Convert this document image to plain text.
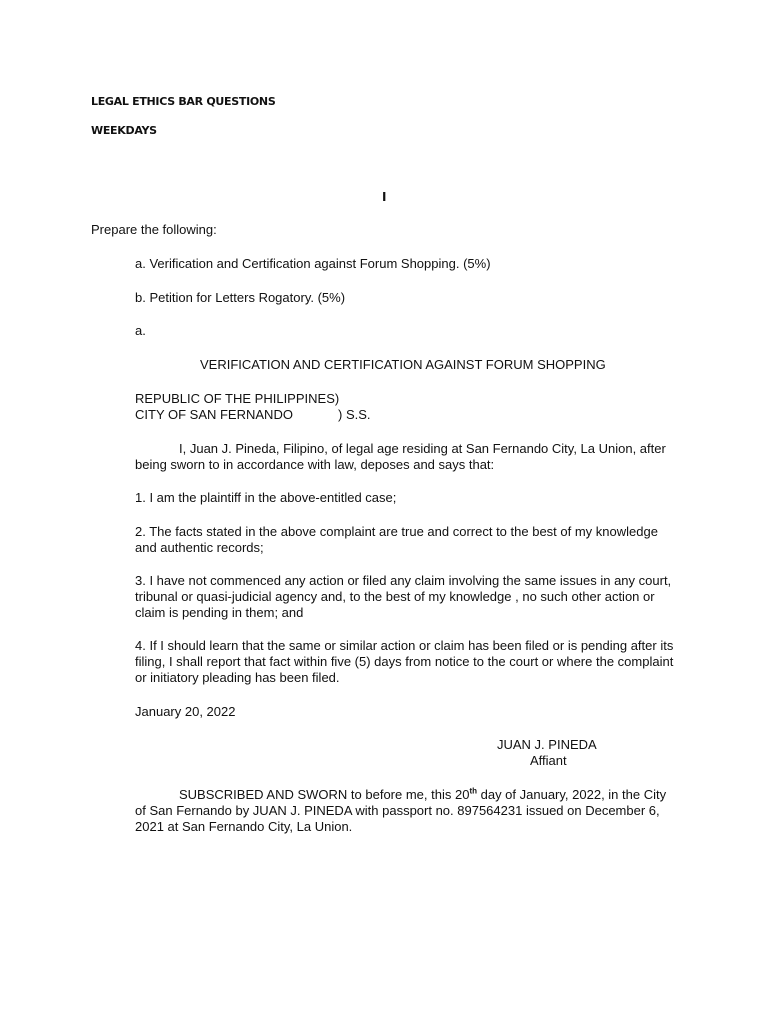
LEGAL ETHICS BAR QUESTIONS
WEEKDAYS
I
Prepare the following:
a. Verification and Certification against Forum Shopping. (5%)
b. Petition for Letters Rogatory. (5%)
a.
VERIFICATION AND CERTIFICATION AGAINST FORUM SHOPPING
REPUBLIC OF THE PHILIPPINES)
CITY OF SAN FERNANDO	) S.S.
I, Juan J. Pineda, Filipino, of legal age residing at San Fernando City, La Union, after being sworn to in accordance with law, deposes and says that:
1. I am the plaintiff in the above-entitled case;
2. The facts stated in the above complaint are true and correct to the best of my knowledge and authentic records;
3. I have not commenced any action or filed any claim involving the same issues in any court, tribunal or quasi-judicial agency and, to the best of my knowledge , no such other action or claim is pending in them; and
4. If I should learn that the same or similar action or claim has been filed or is pending after its filing, I shall report that fact within five (5) days from notice to the court or where the complaint or initiatory pleading has been filed.
January 20, 2022
JUAN J. PINEDA
Affiant
SUBSCRIBED AND SWORN to before me, this 20th day of January, 2022, in the City of San Fernando by JUAN J. PINEDA with passport no. 897564231 issued on December 6, 2021 at San Fernando City, La Union.
